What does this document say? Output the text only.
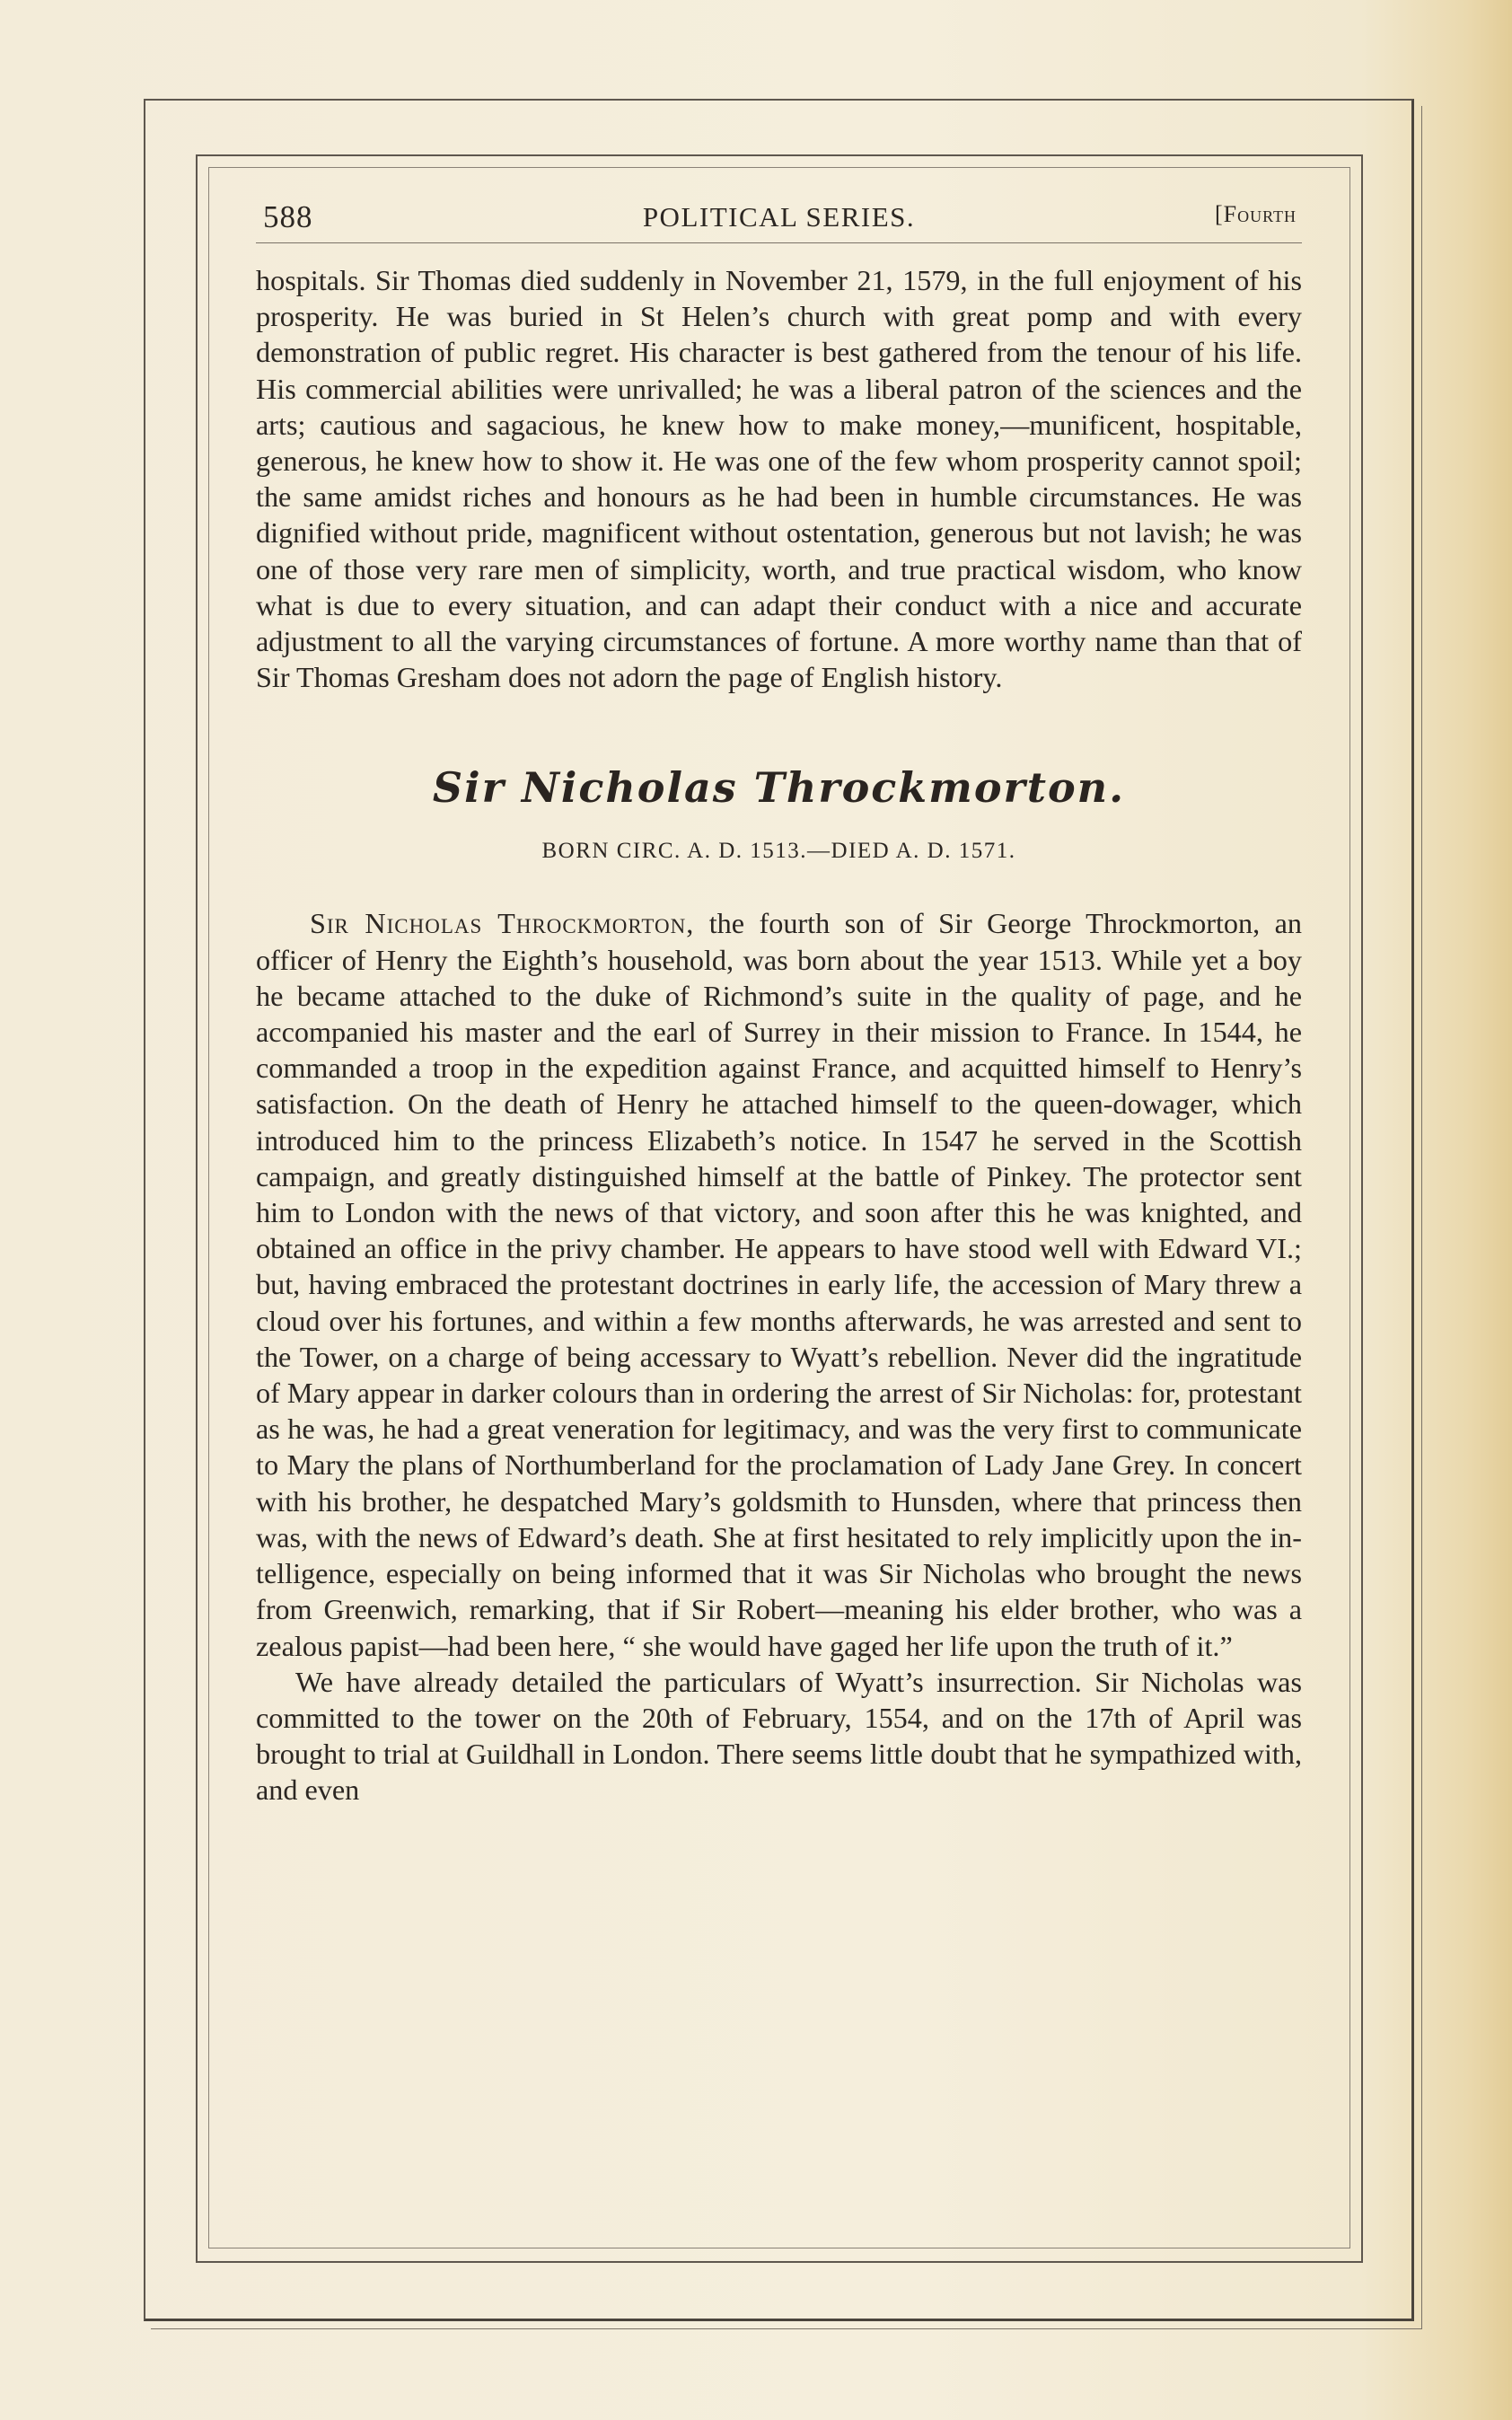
588	POLITICAL SERIES.	[Fourth

hospitals. Sir Thomas died suddenly in November 21, 1579, in the full enjoyment of his prosperity. He was buried in St Helen’s church with great pomp and with every demonstration of public regret. His character is best gathered from the tenour of his life. His commercial abilities were unrivalled; he was a liberal patron of the sciences and the arts; cautious and sagacious, he knew how to make money,—munificent, hospitable, generous, he knew how to show it. He was one of the few whom prosperity cannot spoil; the same amidst riches and honours as he had been in humble circumstances. He was dignified without pride, magnificent without ostentation, generous but not lavish; he was one of those very rare men of simplicity, worth, and true practical wisdom, who know what is due to every situation, and can adapt their conduct with a nice and accurate adjustment to all the varying circumstances of fortune. A more worthy name than that of Sir Thomas Gresham does not adorn the page of English history.

Sir Nicholas Throckmorton.
BORN CIRC. A. D. 1513.—DIED A. D. 1571.

Sir Nicholas Throckmorton, the fourth son of Sir George Throckmorton, an officer of Henry the Eighth’s household, was born about the year 1513. While yet a boy he became attached to the duke of Richmond’s suite in the quality of page, and he accompanied his master and the earl of Surrey in their mission to France. In 1544, he commanded a troop in the expedition against France, and acquitted himself to Henry’s satisfaction. On the death of Henry he attached himself to the queen-dowager, which introduced him to the princess Elizabeth’s notice. In 1547 he served in the Scottish campaign, and greatly distinguished himself at the battle of Pinkey. The protector sent him to London with the news of that victory, and soon after this he was knighted, and obtained an office in the privy chamber. He appears to have stood well with Edward VI.; but, having embraced the protestant doctrines in early life, the accession of Mary threw a cloud over his fortunes, and within a few months afterwards, he was arrested and sent to the Tower, on a charge of being accessary to Wyatt’s rebellion. Never did the ingratitude of Mary appear in darker colours than in ordering the arrest of Sir Nicholas: for, protestant as he was, he had a great veneration for legitimacy, and was the very first to communicate to Mary the plans of Northumberland for the proclamation of Lady Jane Grey. In concert with his brother, he despatched Mary’s goldsmith to Hunsden, where that princess then was, with the news of Edward’s death. She at first hesitated to rely implicitly upon the intelligence, especially on being informed that it was Sir Nicholas who brought the news from Greenwich, remarking, that if Sir Robert—meaning his elder brother, who was a zealous papist—had been here, “ she would have gaged her life upon the truth of it.”

We have already detailed the particulars of Wyatt’s insurrection. Sir Nicholas was committed to the tower on the 20th of February, 1554, and on the 17th of April was brought to trial at Guildhall in London. There seems little doubt that he sympathized with, and even
